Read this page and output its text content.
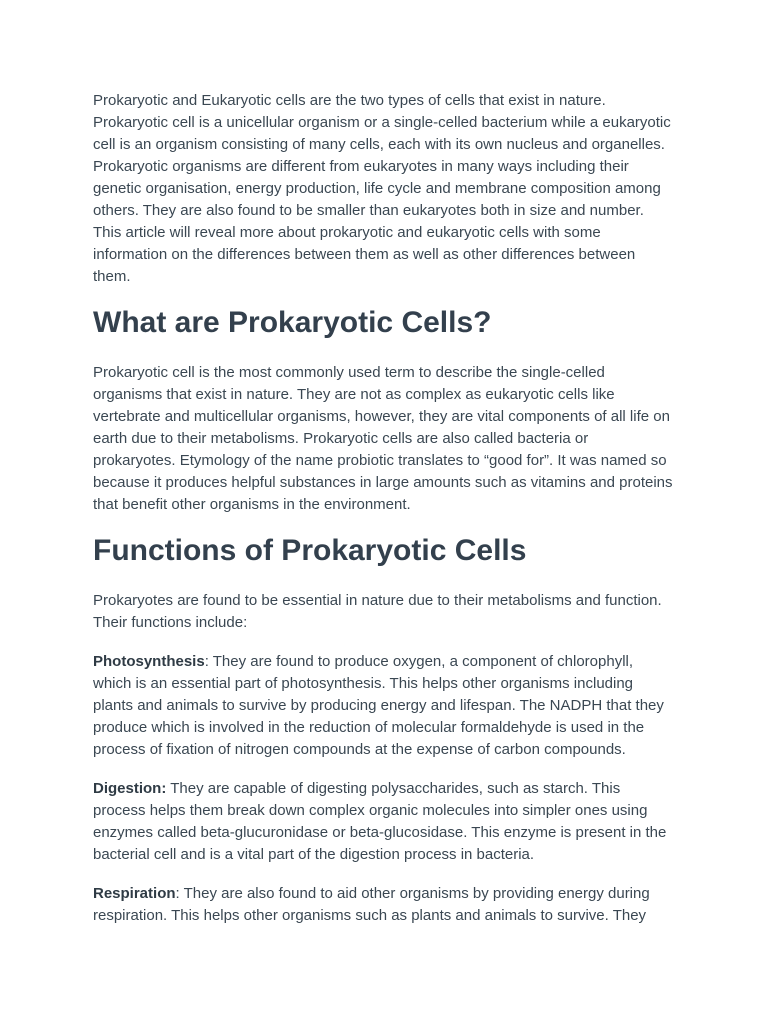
Prokaryotic and Eukaryotic cells are the two types of cells that exist in nature. Prokaryotic cell is a unicellular organism or a single-celled bacterium while a eukaryotic cell is an organism consisting of many cells, each with its own nucleus and organelles. Prokaryotic organisms are different from eukaryotes in many ways including their genetic organisation, energy production, life cycle and membrane composition among others. They are also found to be smaller than eukaryotes both in size and number. This article will reveal more about prokaryotic and eukaryotic cells with some information on the differences between them as well as other differences between them.

What are Prokaryotic Cells?

Prokaryotic cell is the most commonly used term to describe the single-celled organisms that exist in nature. They are not as complex as eukaryotic cells like vertebrate and multicellular organisms, however, they are vital components of all life on earth due to their metabolisms. Prokaryotic cells are also called bacteria or prokaryotes. Etymology of the name probiotic translates to “good for”. It was named so because it produces helpful substances in large amounts such as vitamins and proteins that benefit other organisms in the environment.

Functions of Prokaryotic Cells

Prokaryotes are found to be essential in nature due to their metabolisms and function. Their functions include:

Photosynthesis: They are found to produce oxygen, a component of chlorophyll, which is an essential part of photosynthesis. This helps other organisms including plants and animals to survive by producing energy and lifespan. The NADPH that they produce which is involved in the reduction of molecular formaldehyde is used in the process of fixation of nitrogen compounds at the expense of carbon compounds.

Digestion: They are capable of digesting polysaccharides, such as starch. This process helps them break down complex organic molecules into simpler ones using enzymes called beta-glucuronidase or beta-glucosidase. This enzyme is present in the bacterial cell and is a vital part of the digestion process in bacteria.

Respiration: They are also found to aid other organisms by providing energy during respiration. This helps other organisms such as plants and animals to survive. They
